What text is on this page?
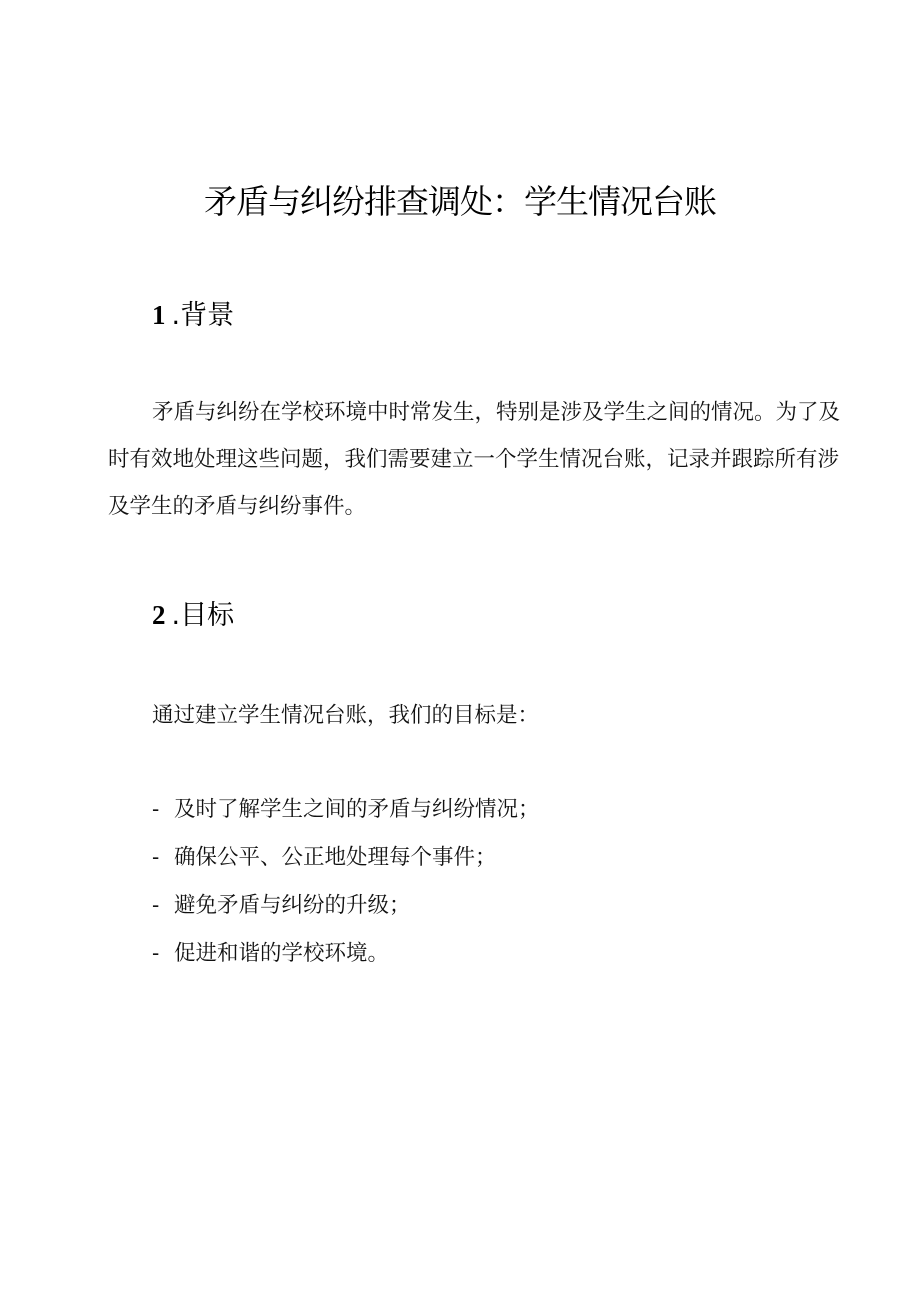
矛盾与纠纷排查调处：学生情况台账
1 .背景

矛盾与纠纷在学校环境中时常发生，特别是涉及学生之间的情况。为了及时有效地处理这些问题，我们需要建立一个学生情况台账，记录并跟踪所有涉及学生的矛盾与纠纷事件。

2 .目标

通过建立学生情况台账，我们的目标是：

- 及时了解学生之间的矛盾与纠纷情况；
- 确保公平、公正地处理每个事件；
- 避免矛盾与纠纷的升级；
- 促进和谐的学校环境。
